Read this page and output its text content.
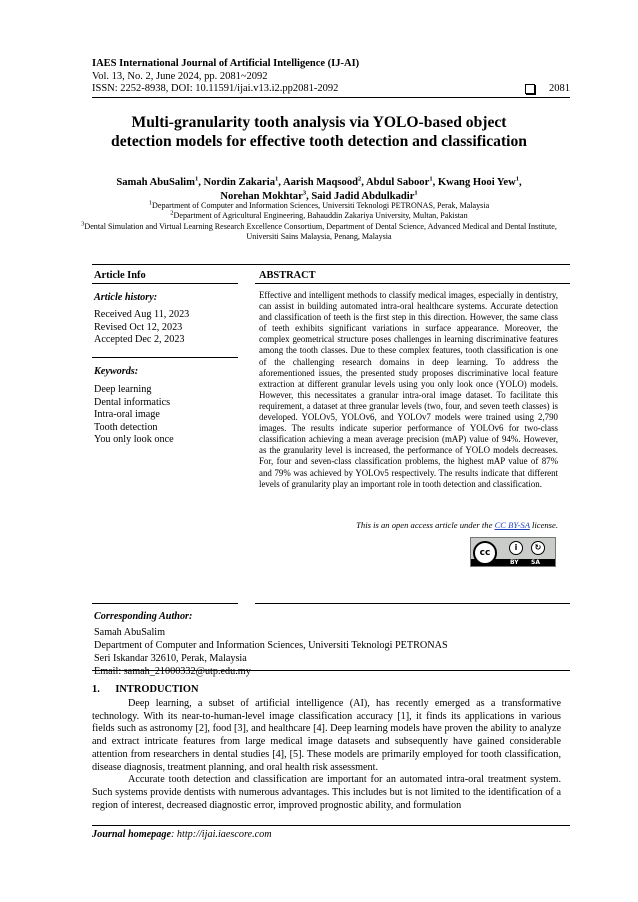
IAES International Journal of Artificial Intelligence (IJ-AI)
Vol. 13, No. 2, June 2024, pp. 2081~2092
ISSN: 2252-8938, DOI: 10.11591/ijai.v13.i2.pp2081-2092	2081
Multi-granularity tooth analysis via YOLO-based object
detection models for effective tooth detection and classification
Samah AbuSalim$^1$, Nordin Zakaria$^1$, Aarish Maqsood$^2$, Abdul Saboor$^1$, Kwang Hooi Yew$^1$,
Norehan Mokhtar$^3$, Said Jadid Abdulkadir$^1$
$^1$Department of Computer and Information Sciences, Universiti Teknologi PETRONAS, Perak, Malaysia
$^2$Department of Agricultural Engineering, Bahauddin Zakariya University, Multan, Pakistan
$^3$Dental Simulation and Virtual Learning Research Excellence Consortium, Department of Dental Science, Advanced Medical and Dental Institute, Universiti Sains Malaysia, Penang, Malaysia
Article Info	ABSTRACT
Article history:
Received Aug 11, 2023
Revised Oct 12, 2023
Accepted Dec 2, 2023
Keywords:
Deep learning
Dental informatics
Intra-oral image
Tooth detection
You only look once
Effective and intelligent methods to classify medical images, especially in dentistry, can assist in building automated intra-oral healthcare systems. Accurate detection and classification of teeth is the first step in this direction. However, the same class of teeth exhibits significant variations in surface appearance. Moreover, the complex geometrical structure poses challenges in learning discriminative features among the tooth classes. Due to these complex features, tooth classification is one of the challenging research domains in deep learning. To address the aforementioned issues, the presented study proposes discriminative local feature extraction at different granular levels using you only look once (YOLO) models. However, this necessitates a granular intra-oral image dataset. To facilitate this requirement, a dataset at three granular levels (two, four, and seven teeth classes) is developed. YOLOv5, YOLOv6, and YOLOv7 models were trained using 2,790 images. The results indicate superior performance of YOLOv6 for two-class classification achieving a mean average precision (mAP) value of 94%. However, as the granularity level is increased, the performance of YOLO models decreases. For, four and seven-class classification problems, the highest mAP value of 87% and 79% was achieved by YOLOv5 respectively. The results indicate that different levels of granularity play an important role in tooth detection and classification.
This is an open access article under the CC BY-SA license.
cc
i	↻
BY SA
Corresponding Author:
Samah AbuSalim
Department of Computer and Information Sciences, Universiti Teknologi PETRONAS
Seri Iskandar 32610, Perak, Malaysia
Email: samah_21000332@utp.edu.my
1.      INTRODUCTION

Deep learning, a subset of artificial intelligence (AI), has recently emerged as a transformative technology. With its near-to-human-level image classification accuracy [1], it finds its applications in various fields such as astronomy [2], food [3], and healthcare [4]. Deep learning models have proven the ability to analyze and extract intricate features from large medical image datasets and subsequently have gained considerable attention from researchers in dental studies [4], [5]. These models are primarily employed for tooth classification, disease diagnosis, treatment planning, and oral health risk assessment.

Accurate tooth detection and classification are important for an automated intra-oral treatment system. Such systems provide dentists with numerous advantages. This includes but is not limited to the identification of a region of interest, decreased diagnostic error, improved prognostic ability, and formulation

Journal homepage: http://ijai.iaescore.com
